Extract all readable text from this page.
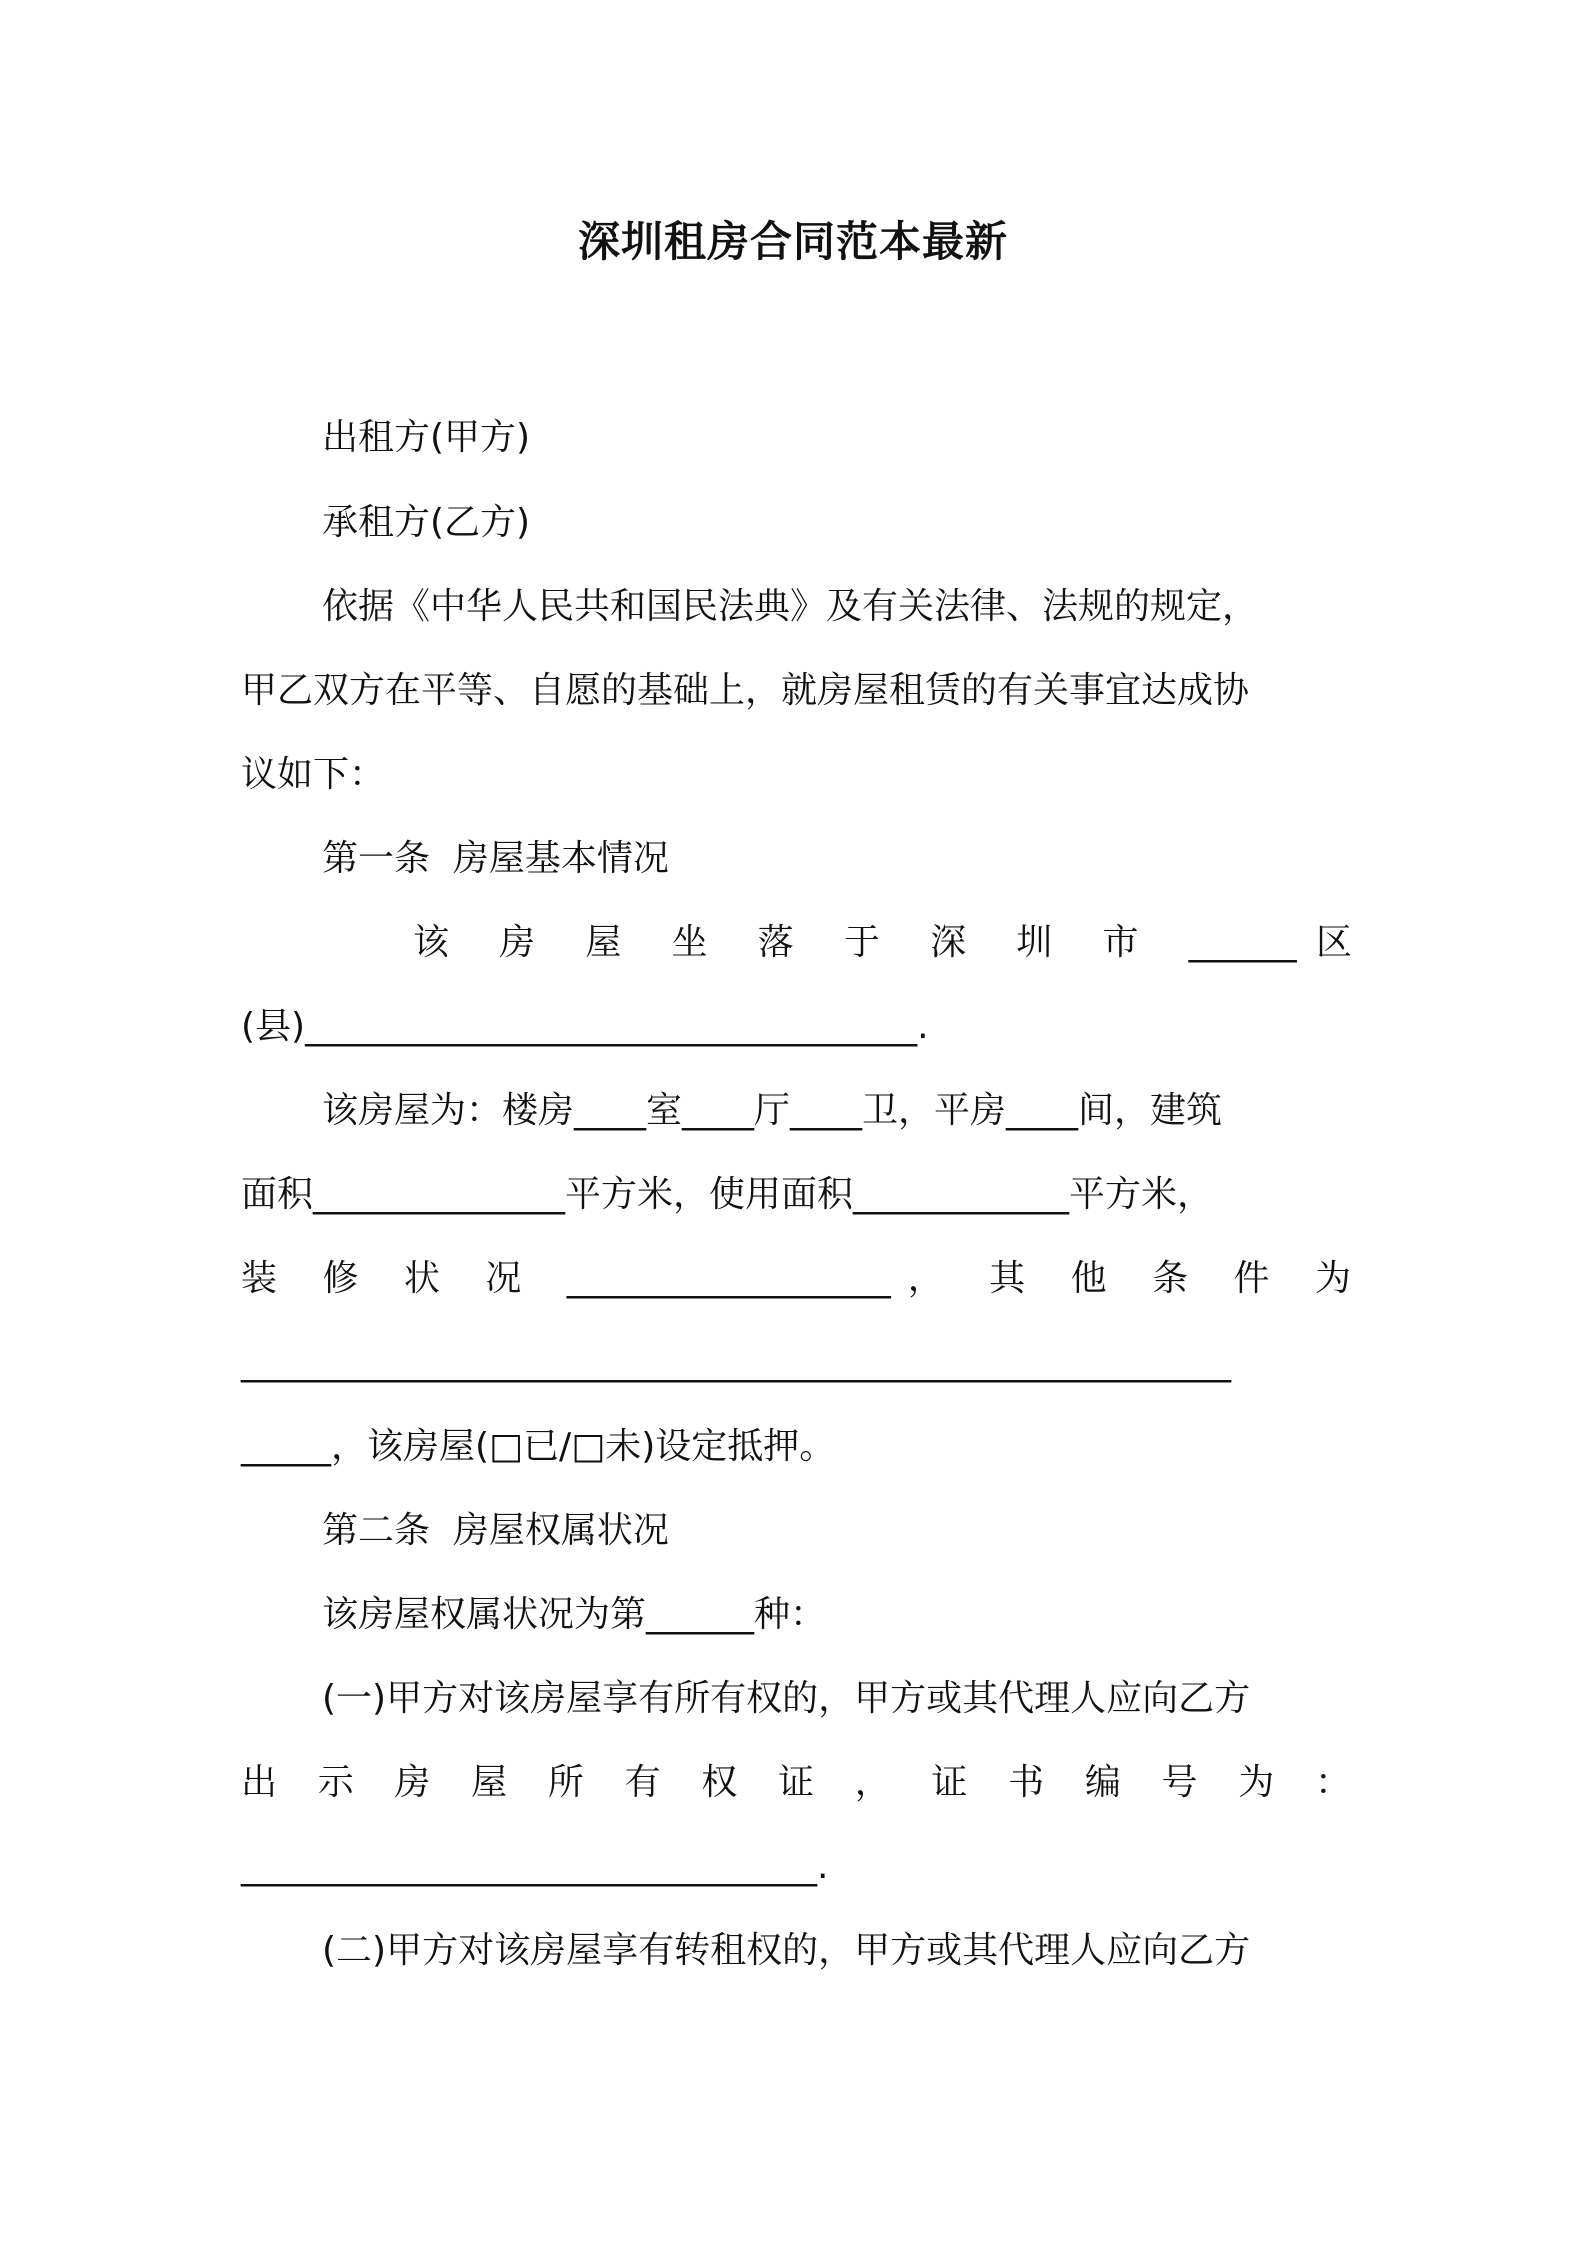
深圳租房合同范本最新
出租方(甲方)
承租方(乙方)
依据《中华人民共和国民法典》及有关法律、法规的规定，
甲乙双方在平等、自愿的基础上，就房屋租赁的有关事宜达成协
议如下：
第一条  房屋基本情况
该 房 屋 坐 落 于 深 圳 市 ______区
(县)__________________________________.
该房屋为：楼房____室____厅____卫，平房____间，建筑
面积______________平方米，使用面积____________平方米，
装 修 状 况 __________________， 其 他 条 件 为
_______________________________________________________
_____，该房屋(□已/□未)设定抵押。
第二条  房屋权属状况
该房屋权属状况为第______种：
(一)甲方对该房屋享有所有权的，甲方或其代理人应向乙方
出 示 房 屋 所 有 权 证 ， 证 书 编 号 为 ：
________________________________.
(二)甲方对该房屋享有转租权的，甲方或其代理人应向乙方
